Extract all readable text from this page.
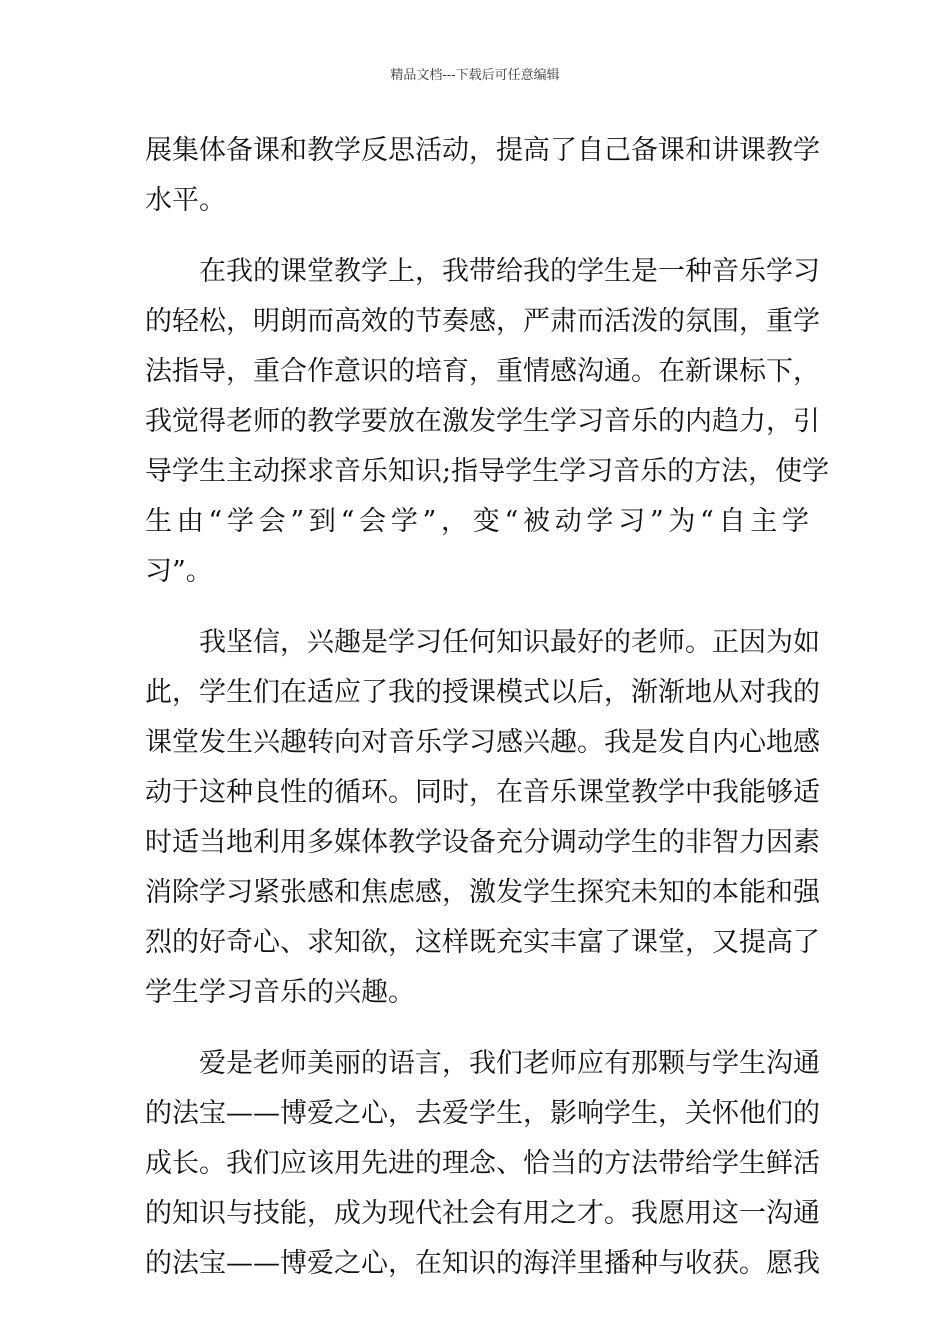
精品文档---下载后可任意编辑
展集体备课和教学反思活动，提高了自己备课和讲课教学
水平。
　　在我的课堂教学上，我带给我的学生是一种音乐学习
的轻松，明朗而高效的节奏感，严肃而活泼的氛围，重学
法指导，重合作意识的培育，重情感沟通。在新课标下，
我觉得老师的教学要放在激发学生学习音乐的内趋力，引
导学生主动探求音乐知识;指导学生学习音乐的方法，使学
生由“学会”到“会学”，变“被动学习”为“自主学
习”。
　　我坚信，兴趣是学习任何知识最好的老师。正因为如
此，学生们在适应了我的授课模式以后，渐渐地从对我的
课堂发生兴趣转向对音乐学习感兴趣。我是发自内心地感
动于这种良性的循环。同时，在音乐课堂教学中我能够适
时适当地利用多媒体教学设备充分调动学生的非智力因素
消除学习紧张感和焦虑感，激发学生探究未知的本能和强
烈的好奇心、求知欲，这样既充实丰富了课堂，又提高了
学生学习音乐的兴趣。
　　爱是老师美丽的语言，我们老师应有那颗与学生沟通
的法宝——博爱之心，去爱学生，影响学生，关怀他们的
成长。我们应该用先进的理念、恰当的方法带给学生鲜活
的知识与技能，成为现代社会有用之才。我愿用这一沟通
的法宝——博爱之心，在知识的海洋里播种与收获。愿我
